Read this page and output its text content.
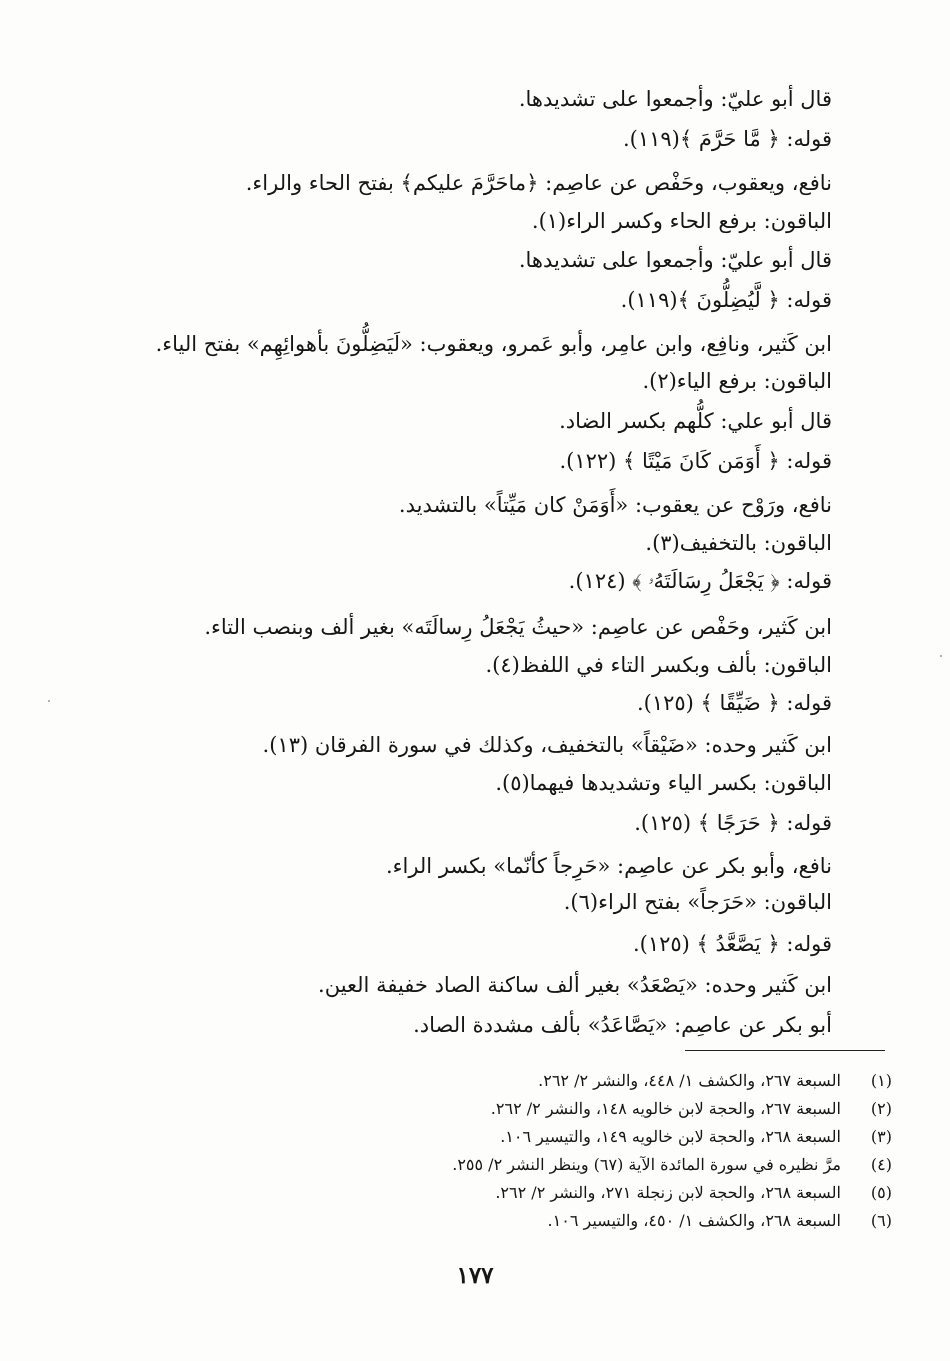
قال أبو عليّ: وأجمعوا على تشديدها.
قوله: ﴿ مَّا حَرَّمَ ﴾(١١٩).
نافع، ويعقوب، وحَفْص عن عاصِم: ﴿ماحَرَّمَ عليكم﴾ بفتح الحاء والراء.
الباقون: برفع الحاء وكسر الراء(١).
قال أبو عليّ: وأجمعوا على تشديدها.
قوله: ﴿ لَّيُضِلُّونَ ﴾(١١٩).
ابن كَثير، ونافِع، وابن عامِر، وأبو عَمرو، ويعقوب: «لَيَضِلُّونَ بأهوائِهِم» بفتح الياء.
الباقون: برفع الياء(٢).
قال أبو علي: كلُّهم بكسر الضاد.
قوله: ﴿ أَوَمَن كَانَ مَيْتًا ﴾ (١٢٢).
نافع، ورَوْح عن يعقوب: «أَوَمَنْ كان مَيِّتاً» بالتشديد.
الباقون: بالتخفيف(٣).
قوله: ﴿ يَجْعَلُ رِسَالَتَهُۥ ﴾ (١٢٤).
ابن كَثير، وحَفْص عن عاصِم: «حيثُ يَجْعَلُ رِسالَتَه» بغير ألف وبنصب التاء.
الباقون: بألف وبكسر التاء في اللفظ(٤).
قوله: ﴿ ضَيِّقًا ﴾ (١٢٥).
ابن كَثير وحده: «ضَيْقاً» بالتخفيف، وكذلك في سورة الفرقان (١٣).
الباقون: بكسر الياء وتشديدها فيهما(٥).
قوله: ﴿ حَرَجًا ﴾ (١٢٥).
نافع، وأبو بكر عن عاصِم: «حَرِجاً كأنّما» بكسر الراء.
الباقون: «حَرَجاً» بفتح الراء(٦).
قوله: ﴿ يَصَّعَّدُ ﴾ (١٢٥).
ابن كَثير وحده: «يَصْعَدُ» بغير ألف ساكنة الصاد خفيفة العين.
أبو بكر عن عاصِم: «يَصَّاعَدُ» بألف مشددة الصاد.
(١) السبعة ٢٦٧، والكشف ١/ ٤٤٨، والنشر ٢/ ٢٦٢.
(٢) السبعة ٢٦٧، والحجة لابن خالويه ١٤٨، والنشر ٢/ ٢٦٢.
(٣) السبعة ٢٦٨، والحجة لابن خالويه ١٤٩، والتيسير ١٠٦.
(٤) مرَّ نظيره في سورة المائدة الآية (٦٧) وينظر النشر ٢/ ٢٥٥.
(٥) السبعة ٢٦٨، والحجة لابن زنجلة ٢٧١، والنشر ٢/ ٢٦٢.
(٦) السبعة ٢٦٨، والكشف ١/ ٤٥٠، والتيسير ١٠٦.
١٧٧
